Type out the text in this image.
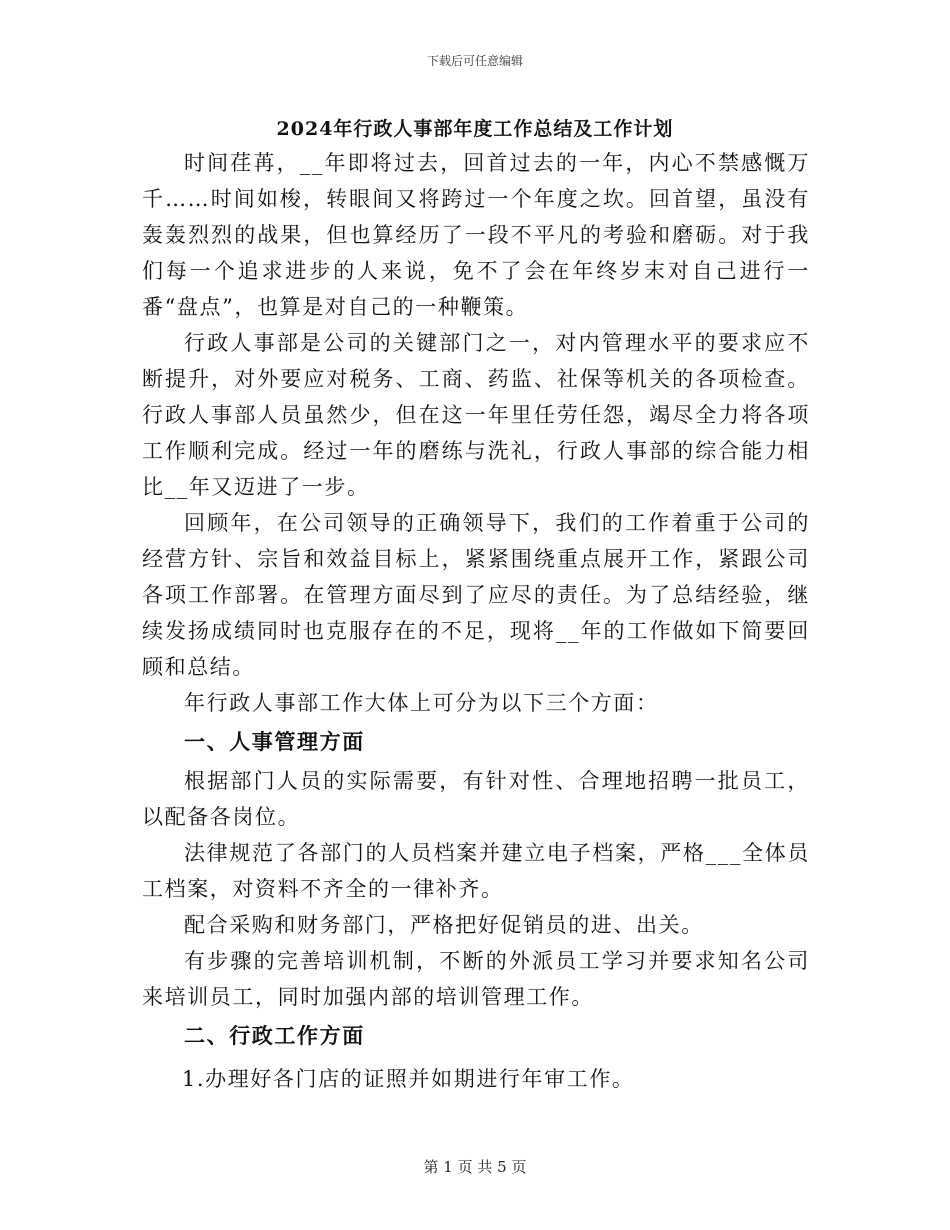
下载后可任意编辑
2024年行政人事部年度工作总结及工作计划

时间荏苒，__年即将过去，回首过去的一年，内心不禁感慨万千……时间如梭，转眼间又将跨过一个年度之坎。回首望，虽没有轰轰烈烈的战果，但也算经历了一段不平凡的考验和磨砺。对于我们每一个追求进步的人来说，免不了会在年终岁末对自己进行一番“盘点”，也算是对自己的一种鞭策。

行政人事部是公司的关键部门之一，对内管理水平的要求应不断提升，对外要应对税务、工商、药监、社保等机关的各项检查。行政人事部人员虽然少，但在这一年里任劳任怨，竭尽全力将各项工作顺利完成。经过一年的磨练与洗礼，行政人事部的综合能力相比__年又迈进了一步。

回顾年，在公司领导的正确领导下，我们的工作着重于公司的经营方针、宗旨和效益目标上，紧紧围绕重点展开工作，紧跟公司各项工作部署。在管理方面尽到了应尽的责任。为了总结经验，继续发扬成绩同时也克服存在的不足，现将__年的工作做如下简要回顾和总结。

年行政人事部工作大体上可分为以下三个方面：

一、人事管理方面

根据部门人员的实际需要，有针对性、合理地招聘一批员工，以配备各岗位。

法律规范了各部门的人员档案并建立电子档案，严格___全体员工档案，对资料不齐全的一律补齐。

配合采购和财务部门，严格把好促销员的进、出关。

有步骤的完善培训机制，不断的外派员工学习并要求知名公司来培训员工，同时加强内部的培训管理工作。

二、行政工作方面

1.办理好各门店的证照并如期进行年审工作。

第 1 页 共 5 页
